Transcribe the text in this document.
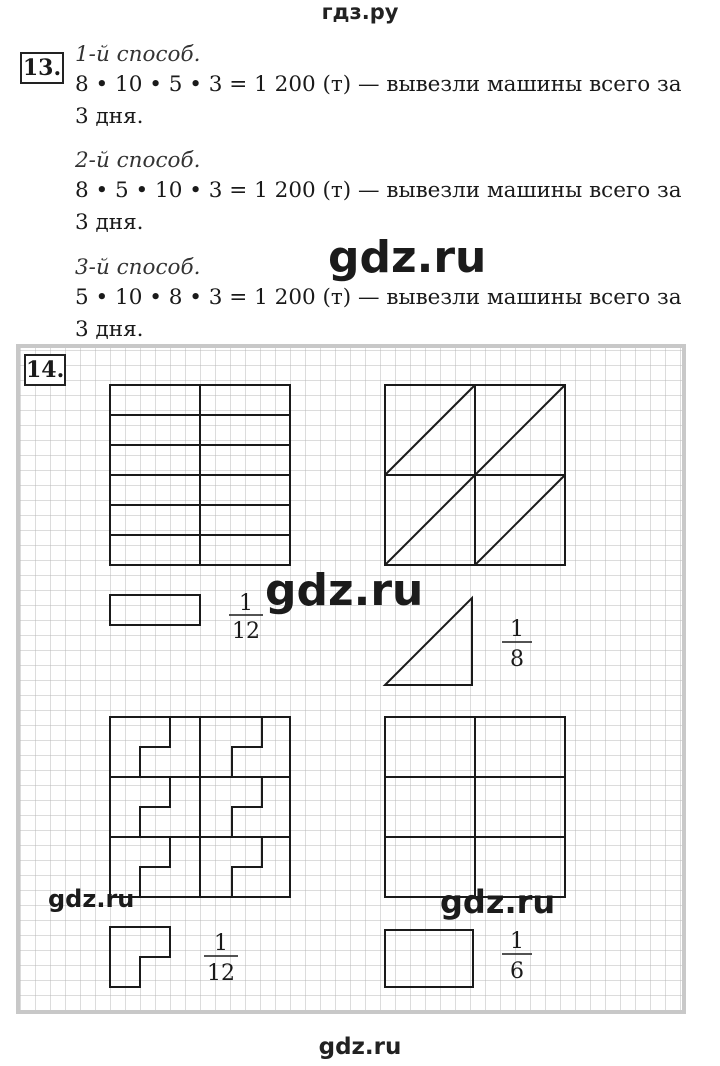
гдз.ру
13.
1-й способ.
8 • 10 • 5 • 3 = 1 200 (т) — вывезли машины всего за
3 дня.
2-й способ.
8 • 5 • 10 • 3 = 1 200 (т) — вывезли машины всего за
3 дня.
3-й способ.
5 • 10 • 8 • 3 = 1 200 (т) — вывезли машины всего за
3 дня.
1
12	1
8
1
12
1
6
14.
gdz.ru
gdz.ru
gdz.ru	gdz.ru
gdz.ru
